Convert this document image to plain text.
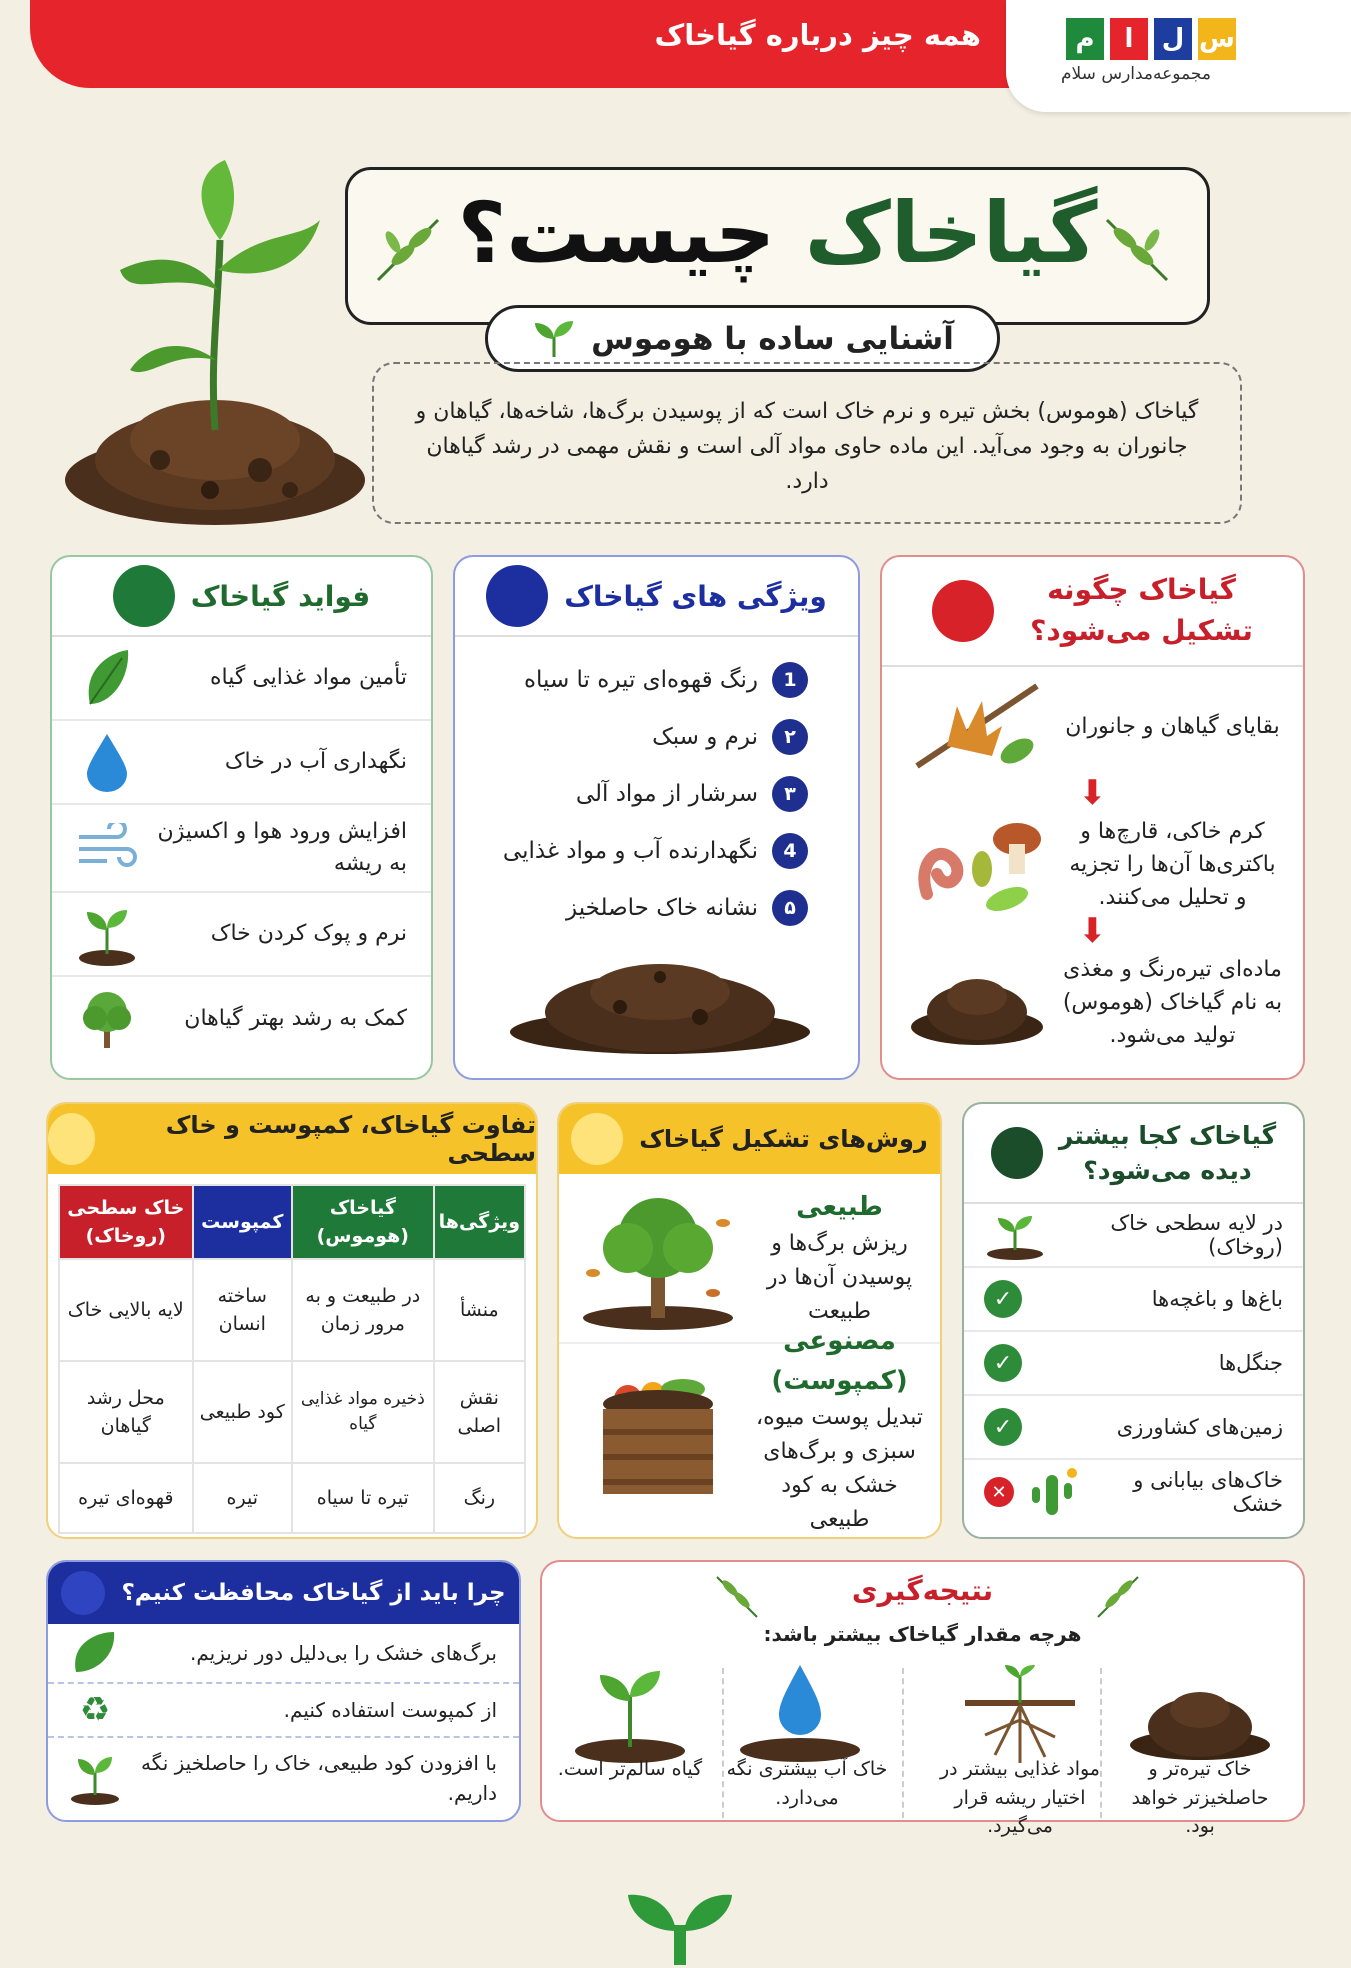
همه چیز درباره گیاخاک	م	ا	ل س
مجموعه‌مدارس سلام
گیاخاک چیست؟
آشنایی ساده با هوموس
گیاخاک (هوموس) بخش تیره و نرم خاک است که از پوسیدن برگ‌ها، شاخه‌ها، گیاهان و جانوران به وجود می‌آید. این ماده حاوی مواد آلی است و نقش مهمی در رشد گیاهان دارد.
گیاخاک چگونه
تشکیل می‌شود؟
بقایای گیاهان و جانوران
⬇
کرم خاکی، قارچ‌ها و باکتری‌ها آن‌ها را تجزیه و تحلیل می‌کنند.
⬇
ماده‌ای تیره‌رنگ و مغذی به نام گیاخاک (هوموس) تولید می‌شود.
ویژگی های گیاخاک
1
رنگ قهوه‌ای تیره تا سیاه
۲
نرم و سبک
۳
سرشار از مواد آلی
4
نگهدارنده آب و مواد غذایی
۵
نشانه خاک حاصلخیز
فواید گیاخاک
تأمین مواد غذایی گیاه
نگهداری آب در خاک
افزایش ورود هوا و اکسیژن به ریشه
نرم و پوک کردن خاک
کمک به رشد بهتر گیاهان
گیاخاک کجا بیشتر
دیده می‌شود؟
در لایه سطحی خاک (روخاک)
باغ‌ها و باغچه‌ها
✓
جنگل‌ها
✓
زمین‌های کشاورزی
✓
خاک‌های بیابانی و خشک
✕
روش‌های تشکیل گیاخاک
طبیعی
ریزش برگ‌ها و پوسیدن آن‌ها در طبیعت
مصنوعی (کمپوست)
تبدیل پوست میوه، سبزی و برگ‌های خشک به کود طبیعی
تفاوت گیاخاک، کمپوست و خاک سطحی
ویژگی‌ها	گیاخاک (هوموس)	کمپوست	خاک سطحی (روخاک)
منشأ	در طبیعت و به مرور زمان	ساخته انسان	لایه بالایی خاک
نقش اصلی	ذخیره مواد غذایی گیاه	کود طبیعی	محل رشد گیاهان
رنگ	تیره تا سیاه	تیره	قهوه‌ای تیره
چرا باید از گیاخاک محافظت کنیم؟
برگ‌های خشک را بی‌دلیل دور نریزیم.
از کمپوست استفاده کنیم.
♻
با افزودن کود طبیعی، خاک را حاصلخیز نگه داریم.
نتیجه‌گیری
هرچه مقدار گیاخاک بیشتر باشد:
خاک تیره‌تر و حاصلخیزتر خواهد بود.
مواد غذایی بیشتر در اختیار ریشه قرار می‌گیرد.
خاک آب بیشتری نگه می‌دارد.
گیاه سالم‌تر است.
